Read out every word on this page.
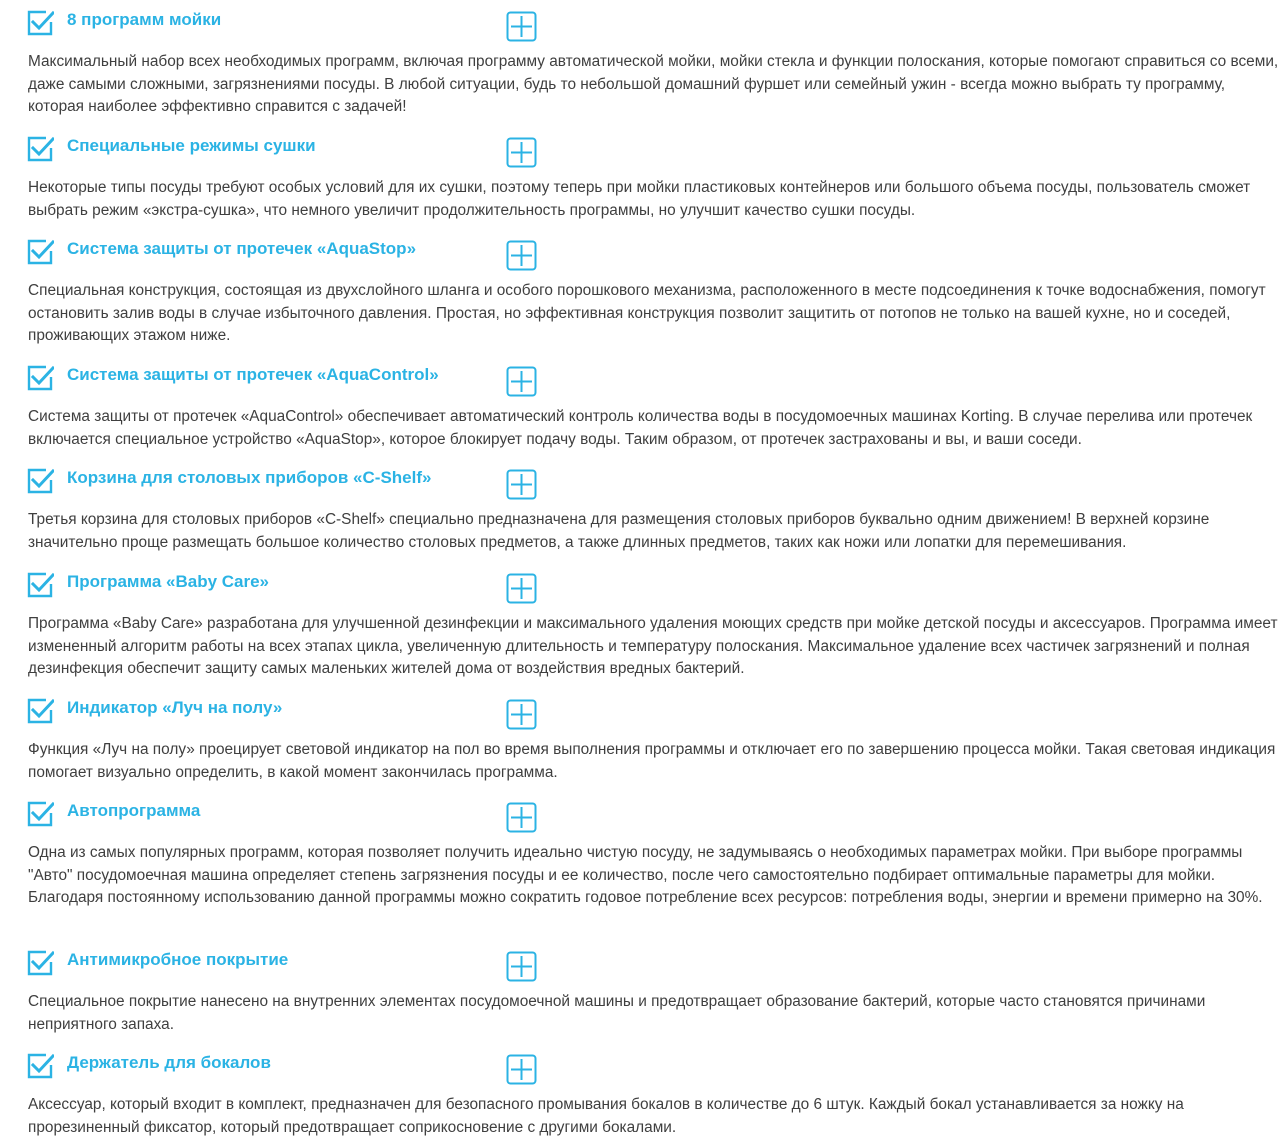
8 программ мойки

Максимальный набор всех необходимых программ, включая программу автоматической мойки, мойки стекла и функции полоскания, которые помогают справиться со всеми, даже самыми сложными, загрязнениями посуды. В любой ситуации, будь то небольшой домашний фуршет или семейный ужин - всегда можно выбрать ту программу, которая наиболее эффективно справится с задачей!

Специальные режимы сушки

Некоторые типы посуды требуют особых условий для их сушки, поэтому теперь при мойки пластиковых контейнеров или большого объема посуды, пользователь сможет выбрать режим «экстра-сушка», что немного увеличит продолжительность программы, но улучшит качество сушки посуды.

Система защиты от протечек «AquaStop»

Специальная конструкция, состоящая из двухслойного шланга и особого порошкового механизма, расположенного в месте подсоединения к точке водоснабжения, помогут остановить залив воды в случае избыточного давления. Простая, но эффективная конструкция позволит защитить от потопов не только на вашей кухне, но и соседей, проживающих этажом ниже.

Система защиты от протечек «AquaControl»

Система защиты от протечек «AquaControl» обеспечивает автоматический контроль количества воды в посудомоечных машинах Korting. В случае перелива или протечек включается специальное устройство «AquaStop», которое блокирует подачу воды. Таким образом, от протечек застрахованы и вы, и ваши соседи.

Корзина для столовых приборов «C-Shelf»

Третья корзина для столовых приборов «C-Shelf» специально предназначена для размещения столовых приборов буквально одним движением! В верхней корзине значительно проще размещать большое количество столовых предметов, а также длинных предметов, таких как ножи или лопатки для перемешивания.

Программа «Baby Care»

Программа «Baby Care» разработана для улучшенной дезинфекции и максимального удаления моющих средств при мойке детской посуды и аксессуаров. Программа имеет измененный алгоритм работы на всех этапах цикла, увеличенную длительность и температуру полоскания. Максимальное удаление всех частичек загрязнений и полная дезинфекция обеспечит защиту самых маленьких жителей дома от воздействия вредных бактерий.

Индикатор «Луч на полу»

Функция «Луч на полу» проецирует световой индикатор на пол во время выполнения программы и отключает его по завершению процесса мойки. Такая световая индикация помогает визуально определить, в какой момент закончилась программа.

Автопрограмма

Одна из самых популярных программ, которая позволяет получить идеально чистую посуду, не задумываясь о необходимых параметрах мойки. При выборе программы "Авто" посудомоечная машина определяет степень загрязнения посуды и ее количество, после чего самостоятельно подбирает оптимальные параметры для мойки. Благодаря постоянному использованию данной программы можно сократить годовое потребление всех ресурсов: потребления воды, энергии и времени примерно на 30%.

Антимикробное покрытие

Специальное покрытие нанесено на внутренних элементах посудомоечной машины и предотвращает образование бактерий, которые часто становятся причинами неприятного запаха.

Держатель для бокалов

Аксессуар, который входит в комплект, предназначен для безопасного промывания бокалов в количестве до 6 штук. Каждый бокал устанавливается за ножку на прорезиненный фиксатор, который предотвращает соприкосновение с другими бокалами.
